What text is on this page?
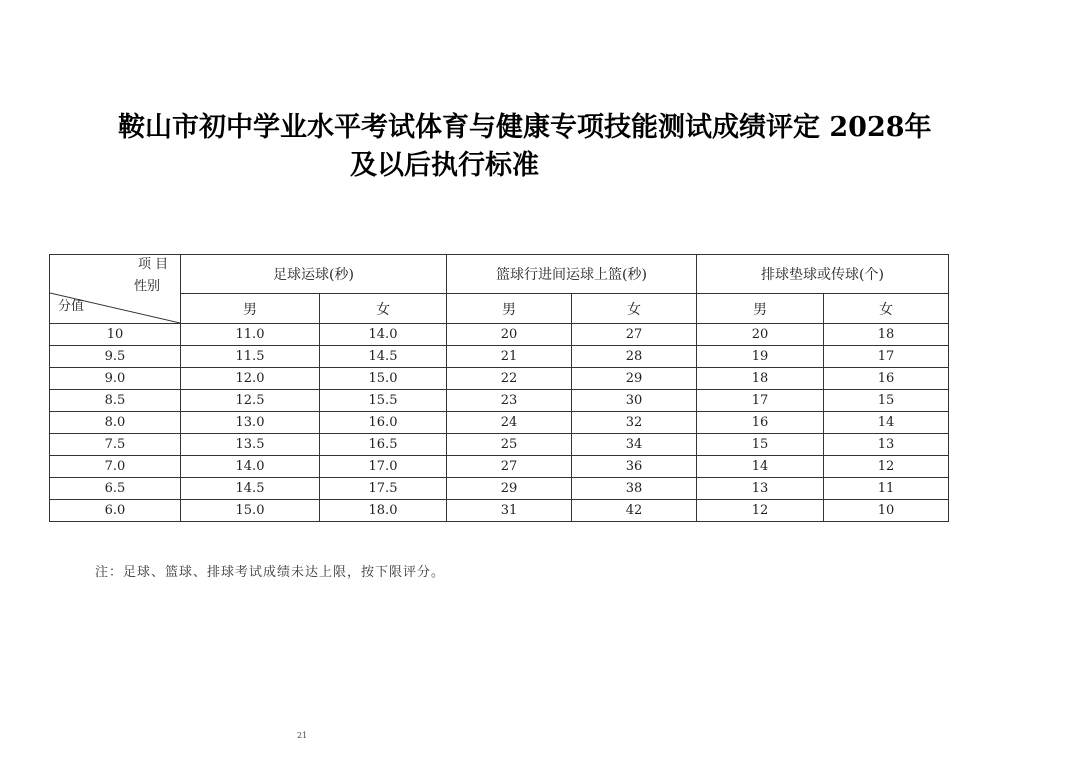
鞍山市初中学业水平考试体育与健康专项技能测试成绩评定 2028年
及以后执行标准
项 目
性别
分值	足球运球(秒)		篮球行进间运球上篮(秒)		排球垫球或传球(个)	
	男	女	男	女	男	女
10	11.0	14.0	20	27	20	18
9.5	11.5	14.5	21	28	19	17
9.0	12.0	15.0	22	29	18	16
8.5	12.5	15.5	23	30	17	15
8.0	13.0	16.0	24	32	16	14
7.5	13.5	16.5	25	34	15	13
7.0	14.0	17.0	27	36	14	12
6.5	14.5	17.5	29	38	13	11
6.0	15.0	18.0	31	42	12	10
注：足球、篮球、排球考试成绩未达上限，按下限评分。
21
